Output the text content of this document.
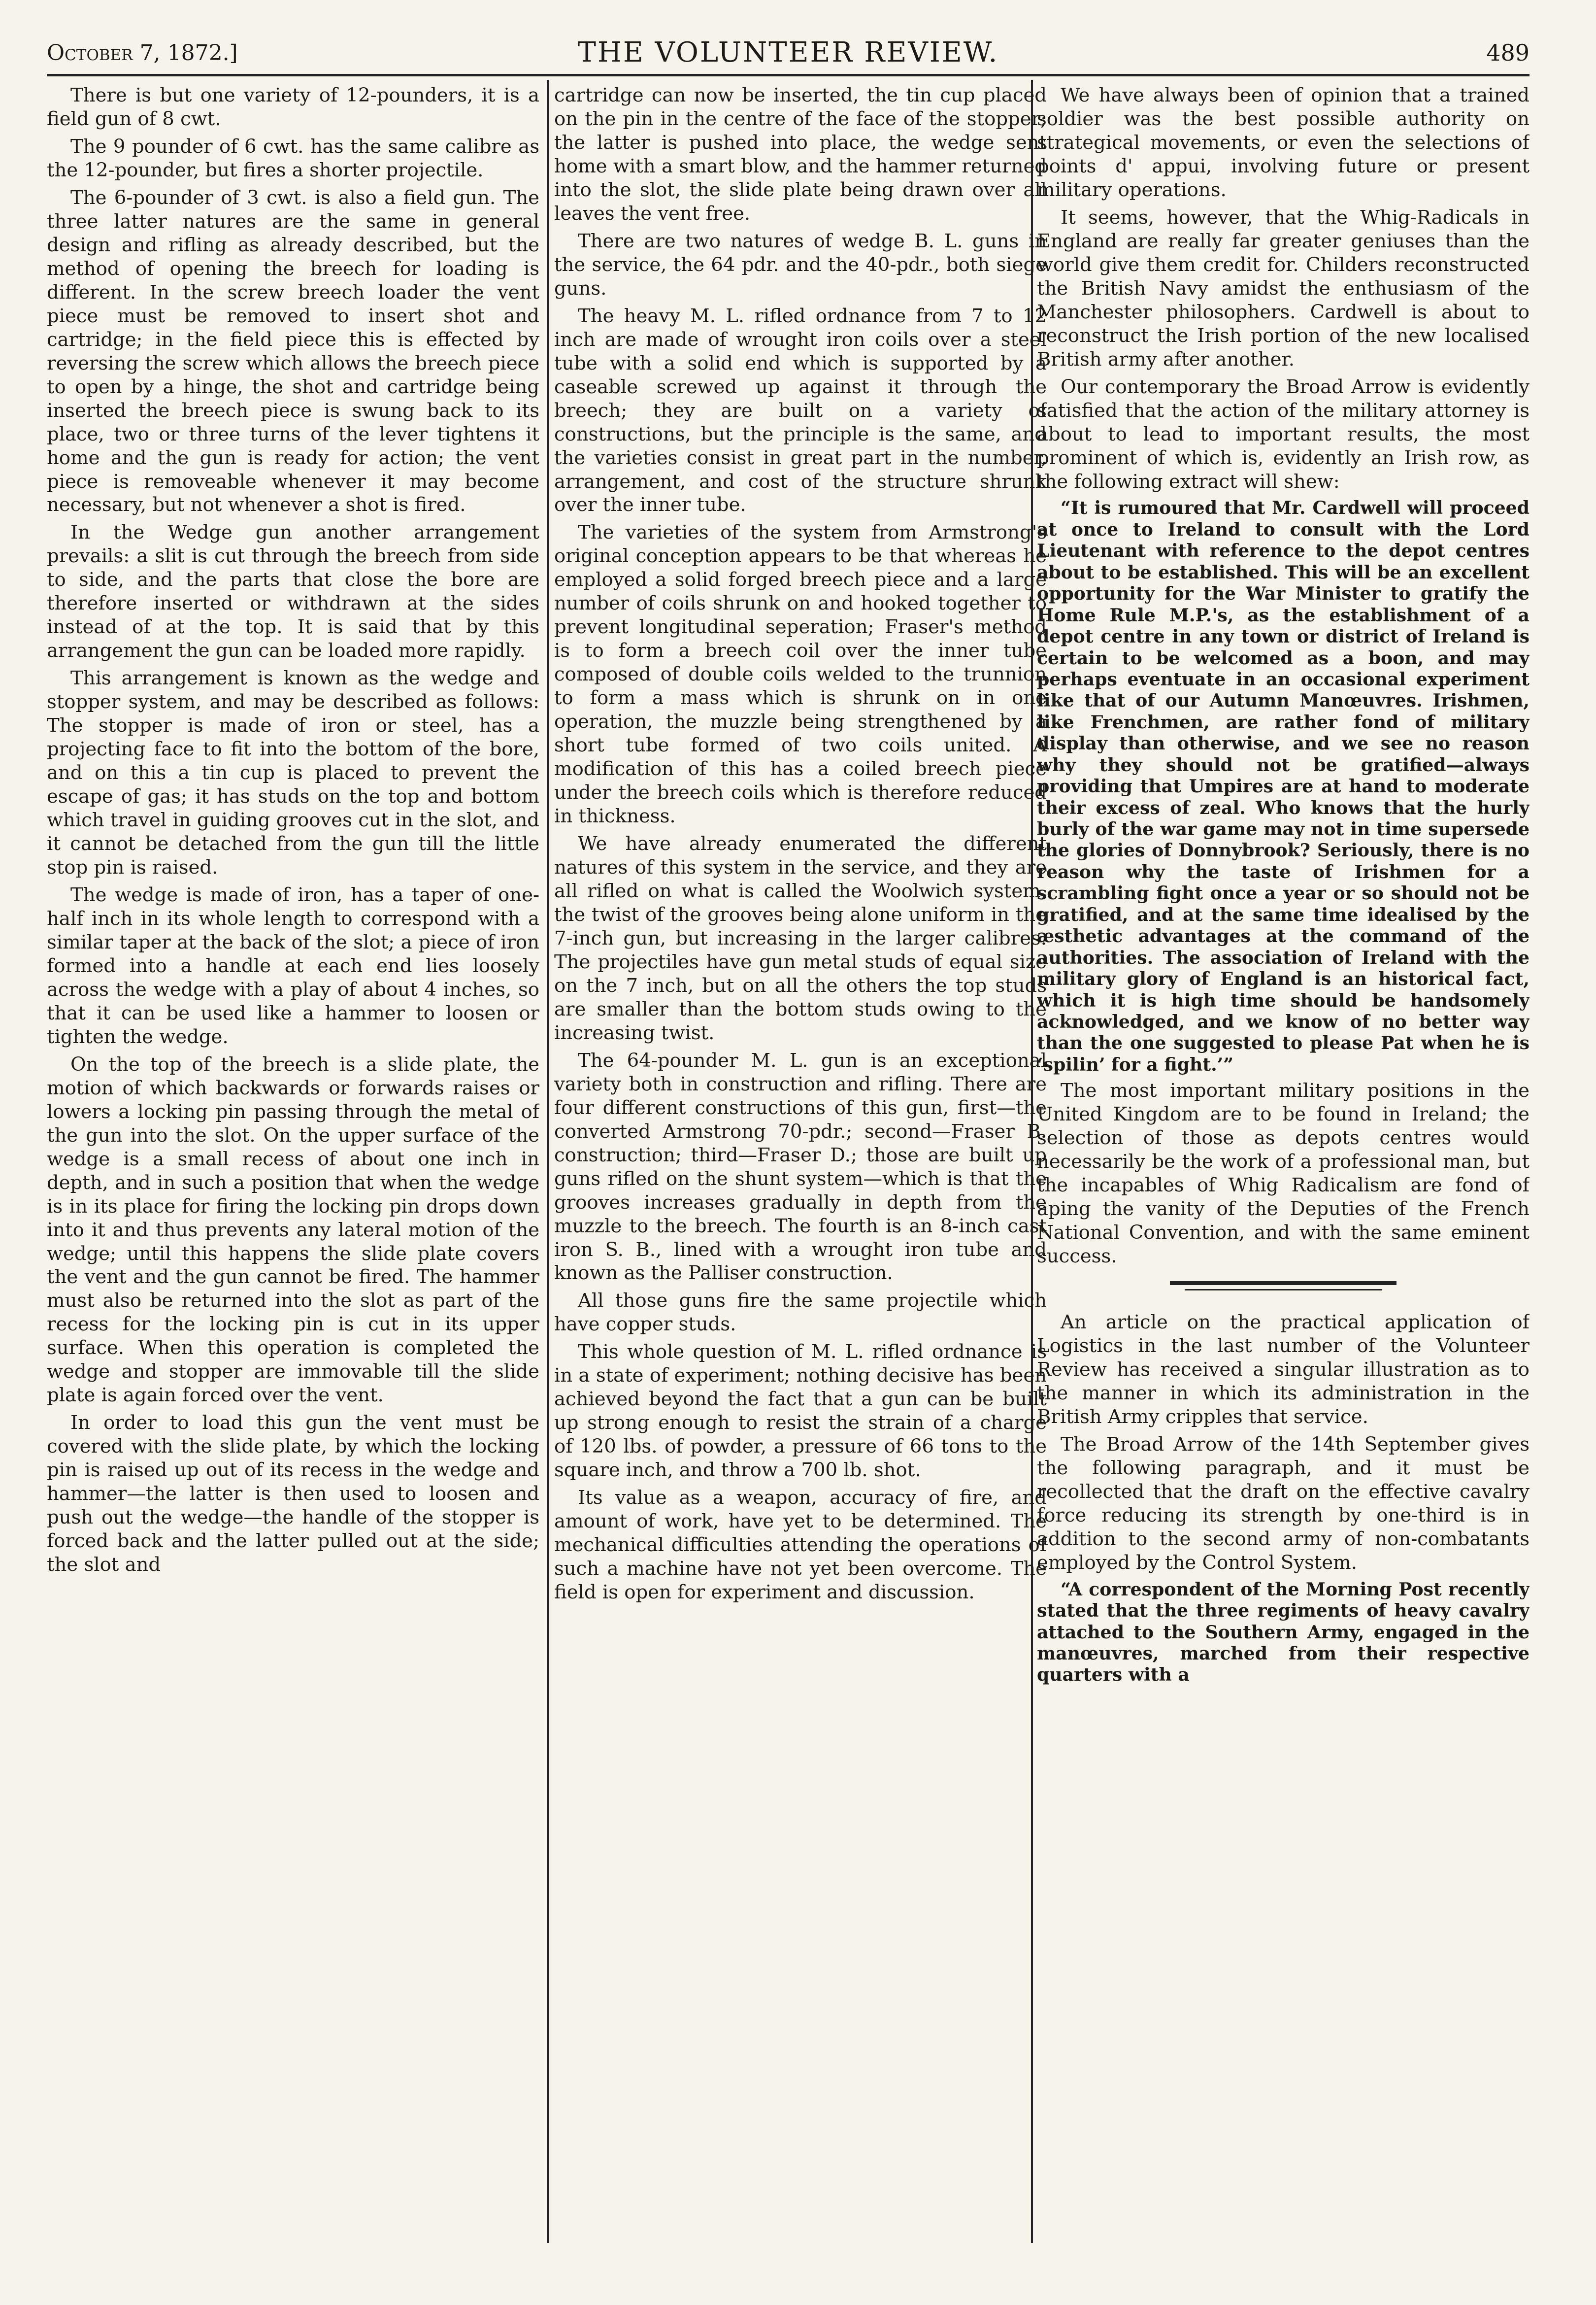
October 7, 1872.]	THE VOLUNTEER REVIEW.	489

There is but one variety of 12-pounders, it is a field gun of 8 cwt.

The 9 pounder of 6 cwt. has the same calibre as the 12-pounder, but fires a shorter projectile.

The 6-pounder of 3 cwt. is also a field gun. The three latter natures are the same in general design and rifling as already described, but the method of opening the breech for loading is different. In the screw breech loader the vent piece must be removed to insert shot and cartridge; in the field piece this is effected by reversing the screw which allows the breech piece to open by a hinge, the shot and cartridge being inserted the breech piece is swung back to its place, two or three turns of the lever tightens it home and the gun is ready for action; the vent piece is removeable whenever it may become necessary, but not whenever a shot is fired.

In the Wedge gun another arrangement prevails: a slit is cut through the breech from side to side, and the parts that close the bore are therefore inserted or withdrawn at the sides instead of at the top. It is said that by this arrangement the gun can be loaded more rapidly.

This arrangement is known as the wedge and stopper system, and may be described as follows: The stopper is made of iron or steel, has a projecting face to fit into the bottom of the bore, and on this a tin cup is placed to prevent the escape of gas; it has studs on the top and bottom which travel in guiding grooves cut in the slot, and it cannot be detached from the gun till the little stop pin is raised.

The wedge is made of iron, has a taper of one-half inch in its whole length to correspond with a similar taper at the back of the slot; a piece of iron formed into a handle at each end lies loosely across the wedge with a play of about 4 inches, so that it can be used like a hammer to loosen or tighten the wedge.

On the top of the breech is a slide plate, the motion of which backwards or forwards raises or lowers a locking pin passing through the metal of the gun into the slot. On the upper surface of the wedge is a small recess of about one inch in depth, and in such a position that when the wedge is in its place for firing the locking pin drops down into it and thus prevents any lateral motion of the wedge; until this happens the slide plate covers the vent and the gun cannot be fired. The hammer must also be returned into the slot as part of the recess for the locking pin is cut in its upper surface. When this operation is completed the wedge and stopper are immovable till the slide plate is again forced over the vent.

In order to load this gun the vent must be covered with the slide plate, by which the locking pin is raised up out of its recess in the wedge and hammer—the latter is then used to loosen and push out the wedge—the handle of the stopper is forced back and the latter pulled out at the side; the slot and

cartridge can now be inserted, the tin cup placed on the pin in the centre of the face of the stopper; the latter is pushed into place, the wedge sent home with a smart blow, and the hammer returned into the slot, the slide plate being drawn over all leaves the vent free.

There are two natures of wedge B. L. guns in the service, the 64 pdr. and the 40-pdr., both siege guns.

The heavy M. L. rifled ordnance from 7 to 12 inch are made of wrought iron coils over a steel tube with a solid end which is supported by a caseable screwed up against it through the breech; they are built on a variety of constructions, but the principle is the same, and the varieties consist in great part in the number, arrangement, and cost of the structure shrunk over the inner tube.

The varieties of the system from Armstrong's original conception appears to be that whereas he employed a solid forged breech piece and a large number of coils shrunk on and hooked together to prevent longitudinal seperation; Fraser's method is to form a breech coil over the inner tube composed of double coils welded to the trunnion to form a mass which is shrunk on in one operation, the muzzle being strengthened by a short tube formed of two coils united. A modification of this has a coiled breech piece under the breech coils which is therefore reduced in thickness.

We have already enumerated the different natures of this system in the service, and they are all rifled on what is called the Woolwich system, the twist of the grooves being alone uniform in the 7-inch gun, but increasing in the larger calibres. The projectiles have gun metal studs of equal size on the 7 inch, but on all the others the top studs are smaller than the bottom studs owing to the increasing twist.

The 64-pounder M. L. gun is an exceptional variety both in construction and rifling. There are four different constructions of this gun, first—the converted Armstrong 70-pdr.; second—Fraser B. construction; third—Fraser D.; those are built up guns rifled on the shunt system—which is that the grooves increases gradually in depth from the muzzle to the breech. The fourth is an 8-inch cast iron S. B., lined with a wrought iron tube and known as the Palliser construction.

All those guns fire the same projectile which have copper studs.

This whole question of M. L. rifled ordnance is in a state of experiment; nothing decisive has been achieved beyond the fact that a gun can be built up strong enough to resist the strain of a charge of 120 lbs. of powder, a pressure of 66 tons to the square inch, and throw a 700 lb. shot.

Its value as a weapon, accuracy of fire, and amount of work, have yet to be determined. The mechanical difficulties attending the operations of such a machine have not yet been overcome. The field is open for experiment and discussion.

We have always been of opinion that a trained soldier was the best possible authority on strategical movements, or even the selections of points d' appui, involving future or present military operations.

It seems, however, that the Whig-Radicals in England are really far greater geniuses than the world give them credit for. Childers reconstructed the British Navy amidst the enthusiasm of the Manchester philosophers. Cardwell is about to reconstruct the Irish portion of the new localised British army after another.

Our contemporary the Broad Arrow is evidently satisfied that the action of the military attorney is about to lead to important results, the most prominent of which is, evidently an Irish row, as the following extract will shew:

“It is rumoured that Mr. Cardwell will proceed at once to Ireland to consult with the Lord Lieutenant with reference to the depot centres about to be established. This will be an excellent opportunity for the War Minister to gratify the Home Rule M.P.'s, as the establishment of a depot centre in any town or district of Ireland is certain to be welcomed as a boon, and may perhaps eventuate in an occasional experiment like that of our Autumn Manœuvres. Irishmen, like Frenchmen, are rather fond of military display than otherwise, and we see no reason why they should not be gratified—always providing that Umpires are at hand to moderate their excess of zeal. Who knows that the hurly burly of the war game may not in time supersede the glories of Donnybrook? Seriously, there is no reason why the taste of Irishmen for a scrambling fight once a year or so should not be gratified, and at the same time idealised by the æsthetic advantages at the command of the authorities. The association of Ireland with the military glory of England is an historical fact, which it is high time should be handsomely acknowledged, and we know of no better way than the one suggested to please Pat when he is ‘spilin’ for a fight.’”

The most important military positions in the United Kingdom are to be found in Ireland; the selection of those as depots centres would necessarily be the work of a professional man, but the incapables of Whig Radicalism are fond of aping the vanity of the Deputies of the French National Convention, and with the same eminent success.

An article on the practical application of Logistics in the last number of the Volunteer Review has received a singular illustration as to the manner in which its administration in the British Army cripples that service.

The Broad Arrow of the 14th September gives the following paragraph, and it must be recollected that the draft on the effective cavalry force reducing its strength by one-third is in addition to the second army of non-combatants employed by the Control System.

“A correspondent of the Morning Post recently stated that the three regiments of heavy cavalry attached to the Southern Army, engaged in the manœuvres, marched from their respective quarters with a
